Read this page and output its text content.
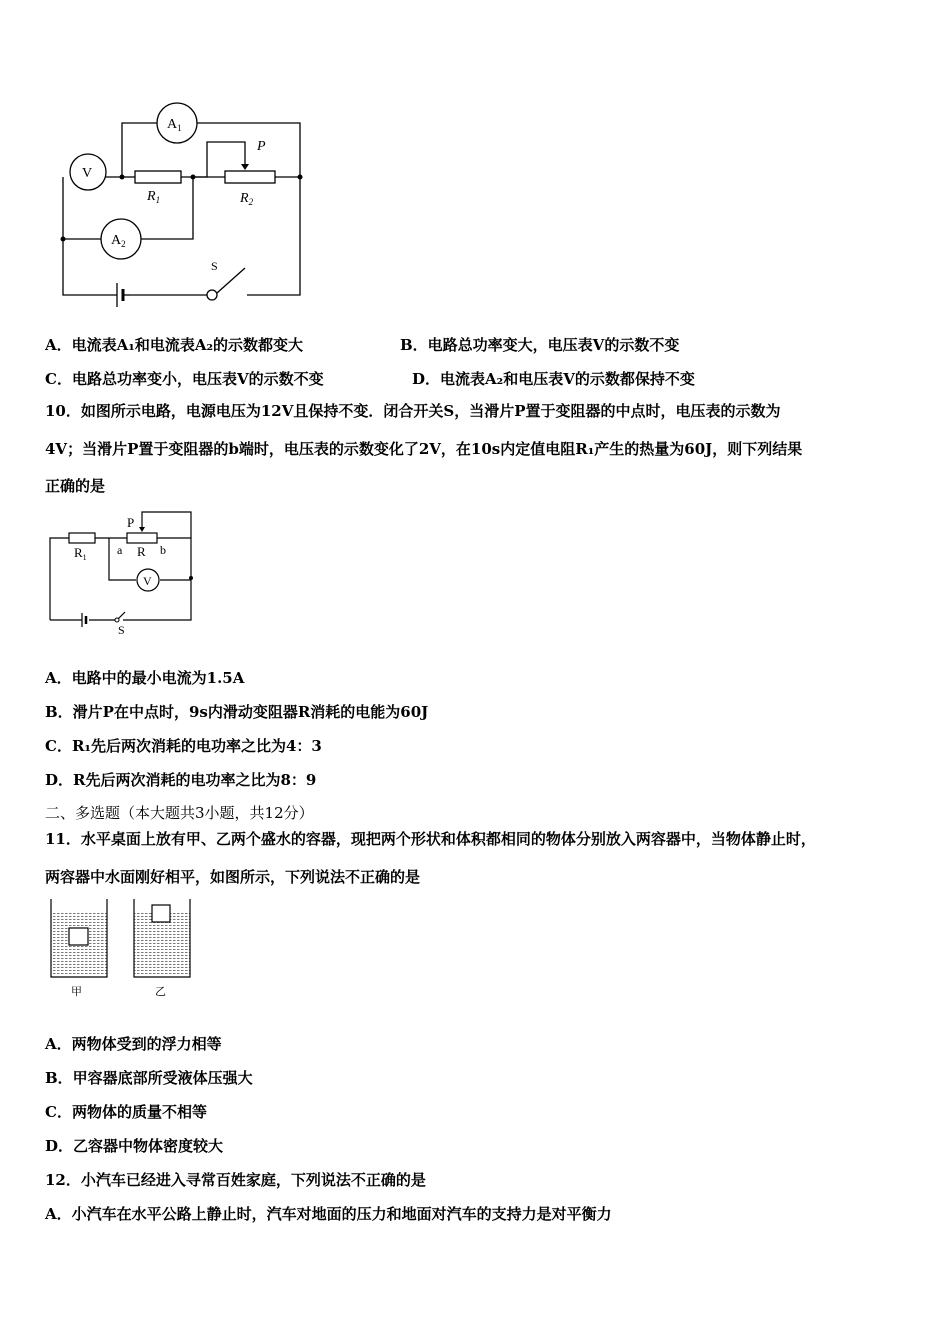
$A_1$
V
$A_2$
$R_1$	$R_2$
P
S
A．电流表A₁和电流表A₂的示数都变大	B．电路总功率变大，电压表V的示数不变
C．电路总功率变小，电压表V的示数不变	D．电流表A₂和电压表V的示数都保持不变
10．如图所示电路，电源电压为12V且保持不变．闭合开关S，当滑片P置于变阻器的中点时，电压表的示数为
4V；当滑片P置于变阻器的b端时，电压表的示数变化了2V，在10s内定值电阻R₁产生的热量为60J，则下列结果
正确的是
$R_1$
P
a R b
V
S
A．电路中的最小电流为1.5A
B．滑片P在中点时，9s内滑动变阻器R消耗的电能为60J
C．R₁先后两次消耗的电功率之比为4：3
D．R先后两次消耗的电功率之比为8：9
二、多选题（本大题共3小题，共12分）
11．水平桌面上放有甲、乙两个盛水的容器，现把两个形状和体积都相同的物体分别放入两容器中，当物体静止时，
两容器中水面刚好相平，如图所示，下列说法不正确的是
甲	乙
A．两物体受到的浮力相等
B．甲容器底部所受液体压强大
C．两物体的质量不相等
D．乙容器中物体密度较大
12．小汽车已经进入寻常百姓家庭，下列说法不正确的是
A．小汽车在水平公路上静止时，汽车对地面的压力和地面对汽车的支持力是对平衡力
